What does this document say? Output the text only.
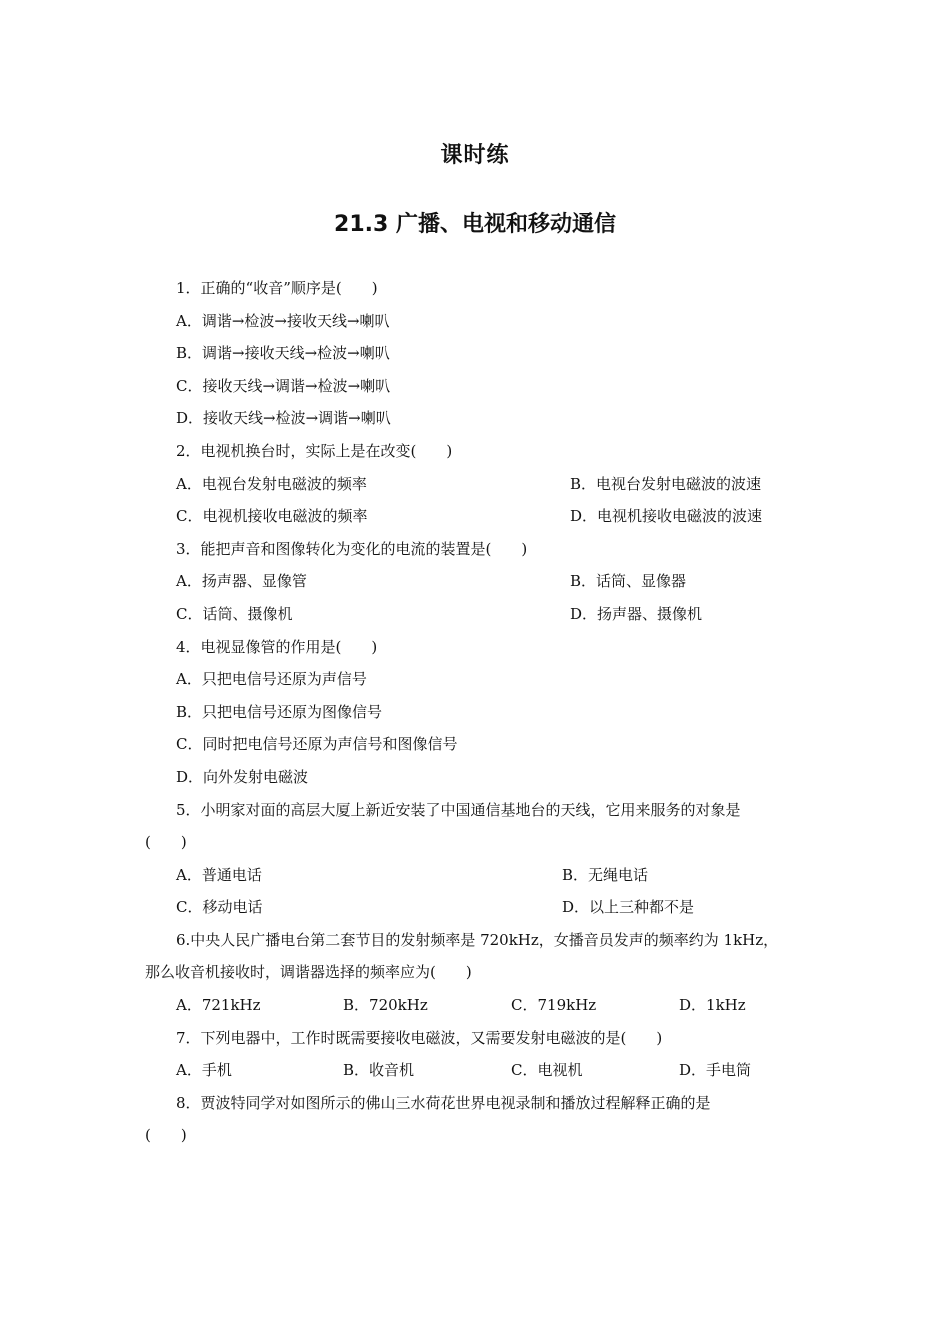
课时练
21.3 广播、电视和移动通信
1．正确的“收音”顺序是(　　)
A．调谐→检波→接收天线→喇叭
B．调谐→接收天线→检波→喇叭
C．接收天线→调谐→检波→喇叭
D．接收天线→检波→调谐→喇叭
2．电视机换台时，实际上是在改变(　　)
A．电视台发射电磁波的频率	B．电视台发射电磁波的波速
C．电视机接收电磁波的频率	D．电视机接收电磁波的波速
3．能把声音和图像转化为变化的电流的装置是(　　)
A．扬声器、显像管	B．话筒、显像器
C．话筒、摄像机	D．扬声器、摄像机
4．电视显像管的作用是(　　)
A．只把电信号还原为声信号
B．只把电信号还原为图像信号
C．同时把电信号还原为声信号和图像信号
D．向外发射电磁波
5．小明家对面的高层大厦上新近安装了中国通信基地台的天线，它用来服务的对象是
(　　)
A．普通电话	B．无绳电话
C．移动电话	D．以上三种都不是
6.中央人民广播电台第二套节目的发射频率是 720kHz，女播音员发声的频率约为 1kHz，
那么收音机接收时，调谐器选择的频率应为(　　)
A．721kHz	B．720kHz	C．719kHz	D．1kHz
7．下列电器中，工作时既需要接收电磁波，又需要发射电磁波的是(　　)
A．手机	B．收音机	C．电视机	D．手电筒
8．贾波特同学对如图所示的佛山三水荷花世界电视录制和播放过程解释正确的是
(　　)
